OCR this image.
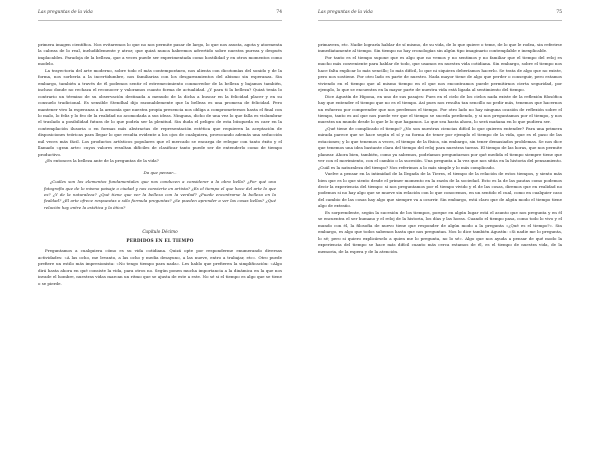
Las preguntas de la vida	74

primera imagen científica. Nos evitaremos lo que no nos permite pasar de largo, lo que nos asusta, agota y atormenta la cabeza de lo real, ineludiblemente y atroz; que quizá nunca habremos advertido sobre nuestra pureza y después implacables. Paradoja de la belleza, que a veces puede ser experimentada como hostilidad y en otros momentos como modelo.

La trayectoria del arte moderno, sobre todo el más contemporáneo, nos alienta con dicotomías del sonido y de la forma, nos sorbería a la incertidumbre, nos familiariza con los desgarramientos del abismo sin esperanza. Sin embargo, también a través de él podemos sentir el estremecimiento conmovedor de la belleza y bajamos también, incluso donde no rechaza el reconocer y valoramos cuanto forma de actualidad. ¿Y para ti la belleza? Quizá tenía lo contrario un término de su observación destinada a menudo de la dicha a buscar en la felicidad placer y en su consuelo tradicional. Es sensible Stendhal dijo razonablemente que la belleza es una promesa de felicidad. Pero mantener vivo la esperanza a la armonía que nuestra propia presencia nos obliga a comprometernos hasta el final con lo malo, lo feliz y lo feo de la realidad no acomodada a sus ideas. Ninguna, dicho de una vez lo que falla es vislumbrar el traslado a posibilidad futura de lo que podría ser la plenitud. Sin duda el peligro de esta búsqueda es caer en la contemplación ilusoria o en formas más abstractas de representación estética que requieren la aceptación de disposiciones teóricas para llegar lo que resulta evidente a los ojos de cualquiera, provocando además una seducción mil veces más fácil. Los productos artísticos populares que el mercado se encarga de relegar con tanto éxito y el llamado «gran arte» cuyos valores resultan difíciles de clasificar tanto puede ser de entenderlo como de tiempo productivo.

¿Es entonces la belleza ante de la preguntas de la vida?

Da que pensar...

¿Cuáles son los elementos fundamentales que nos conducen a considerar a la obra bella? ¿Por qué una fotografía que de lo mismo paisaje o ciudad y nos convierte en artista? ¿Es el tiempo el que hace del arte lo que es? ¿Y de la naturaleza? ¿Qué tiene que ver la belleza con la verdad? ¿Puede encontrarse la belleza en la fealdad? ¿El arte ofrece respuestas o sólo formula preguntas? ¿Se pueden aprender a ver las cosas bellas? ¿Qué relación hay entre la estética y la ética?

Capítulo Décimo
PERDIDOS EN EL TIEMPO

Preguntamos a cualquiera cómo es su vida cotidiana. Quizá opte por responderme enumerando diversas actividades: «A las ocho, me levanto, a las ocho y media desayuno, a las nueve, entro a trabajar, etc». Otro puede prefiere un estilo más impresionista: «No tengo tiempo para nada». Les hablo que prefieren la simplificación: «Algo dirá hasta ahora en qué consiste la vida, para otros no. Según ponen mucha importancia a la dinámica en la que nos invade el hombre, nuestras vidas marcan un ritmo que se ajusta de este a este. No sé si el tiempo es algo que se tiene o se pierde.

Las preguntas de la vida	75

primavera, etc. Nadie lograría hablar de sí mismo, de su vida, de lo que quiere o teme, de lo que le rodea, sin referirse inmediatamente al tiempo. Sin tiempo no hay cronologías sin algún tipo imaginario contemplable e inexplicable.

Por tanto es el tiempo supone que es algo que no vemos y no sentimos y no familiar que el tiempo del reloj es mucho más conveniente para hablar de todo, que usamos en nuestra vida cotidiana. Sin embargo, sobre el tiempo nos hace falta explicar lo más sencillo; lo más difícil, lo que ni siquiera deberíamos hacerlo. Se trata de algo que no existe, pero nos sostiene. Por otro lado es parte de nuestro. Nada mayor tiene de algo que perder o conseguir, pero estamos viviendo en el tiempo que al mismo tiempo en el que nos encontramos puede permitirnos cierta seguridad, por ejemplo, lo que se encuentra en la mayor parte de nuestra vida está ligada al sentimiento del tiempo.

Dice Agustín de Hipona, en uno de sus pasajes: Pues en el cielo de los cielos nada existe de la reflexión filosófica hay que entender el tiempo que no es el tiempo. Así pues nos resulta tan sencillo no pedir más, tenemos que hacernos un esfuerzo por comprender que nos perdemos el tiempo. Por otro lado no hay ninguna ocasión de reflexión sobre el tiempo, tanto es así que nos puede ver que el tiempo se suceda perdiendo, y si nos preguntamos por el tiempo, y nos muestra un mundo desde lo que le lo que hagamos. Lo que sea hasta ahora, lo será mañana en lo que pudiera ser.

¿Qué tiene de complicado el tiempo? ¿No son nuestras ciencias difícil lo que quieren entender? Para una primera mirada parece que se hace según el sí y su forma de tener por ejemplo el tiempo de la vida, que es el paso de las estaciones; y lo que tenemos a veces, el tiempo de la física, sin embargo, sin tener demasiados problemas. Se nos dice que tenemos una idea bastante clara del tiempo del reloj para nuestras tareas. El tiempo de las horas, que nos permite planear. Ahora bien, también, como ya sabemos, podríamos preguntarnos por qué medida el tiempo siempre tiene que ver con el movimiento, con el cambio o la sucesión. Una pregunta a la vez que nos sitúa en la historia del pensamiento. ¿Cuál es la naturaleza del tiempo? Nos referimos a lo más simple y lo más complicado.

Vuelve a pensar en la intimidad de la llegada de la Tierra, el tiempo de la relación de estos tiempos, y siento más bien que es lo que siento desde el primer momento en la razón de la sociedad. Esto es la de las pautas como podemos decir la experiencia del tiempo: si nos preguntamos por el tiempo vivido y el de las cosas, diremos que en realidad no podemos si no hay algo que se mueve sin relación con lo que conocemos, en un sentido el cual, como en cualquier caso del cambio de las cosas hay algo que siempre va a ocurrir. Sin embargo, está claro que de algún modo el tiempo tiene algo de extraño.

Es sorprendente, según la sucesión de los tiempos, porque en algún lugar está el asunto que nos pregunta y en él se encuentra el ser humano y el reloj de la historia, los días y las horas. Cuando el tiempo pasa, como todo lo vivo y el mundo con él, la filosofía de nuevo tiene que responder de algún modo a la pregunta «¿Qué es el tiempo?». Sin embargo, es algo que todos sabemos hasta que nos preguntan. Nos lo dice también Agustín: «Si nadie me lo pregunta, lo sé; pero si quiero explicárselo a quien me lo pregunta, no lo sé». Algo que nos ayuda a pensar de qué modo la experiencia del tiempo se hace más difícil cuanto más cerca estamos de él, es el tiempo de nuestra vida, de la memoria, de la espera y de la atención.
